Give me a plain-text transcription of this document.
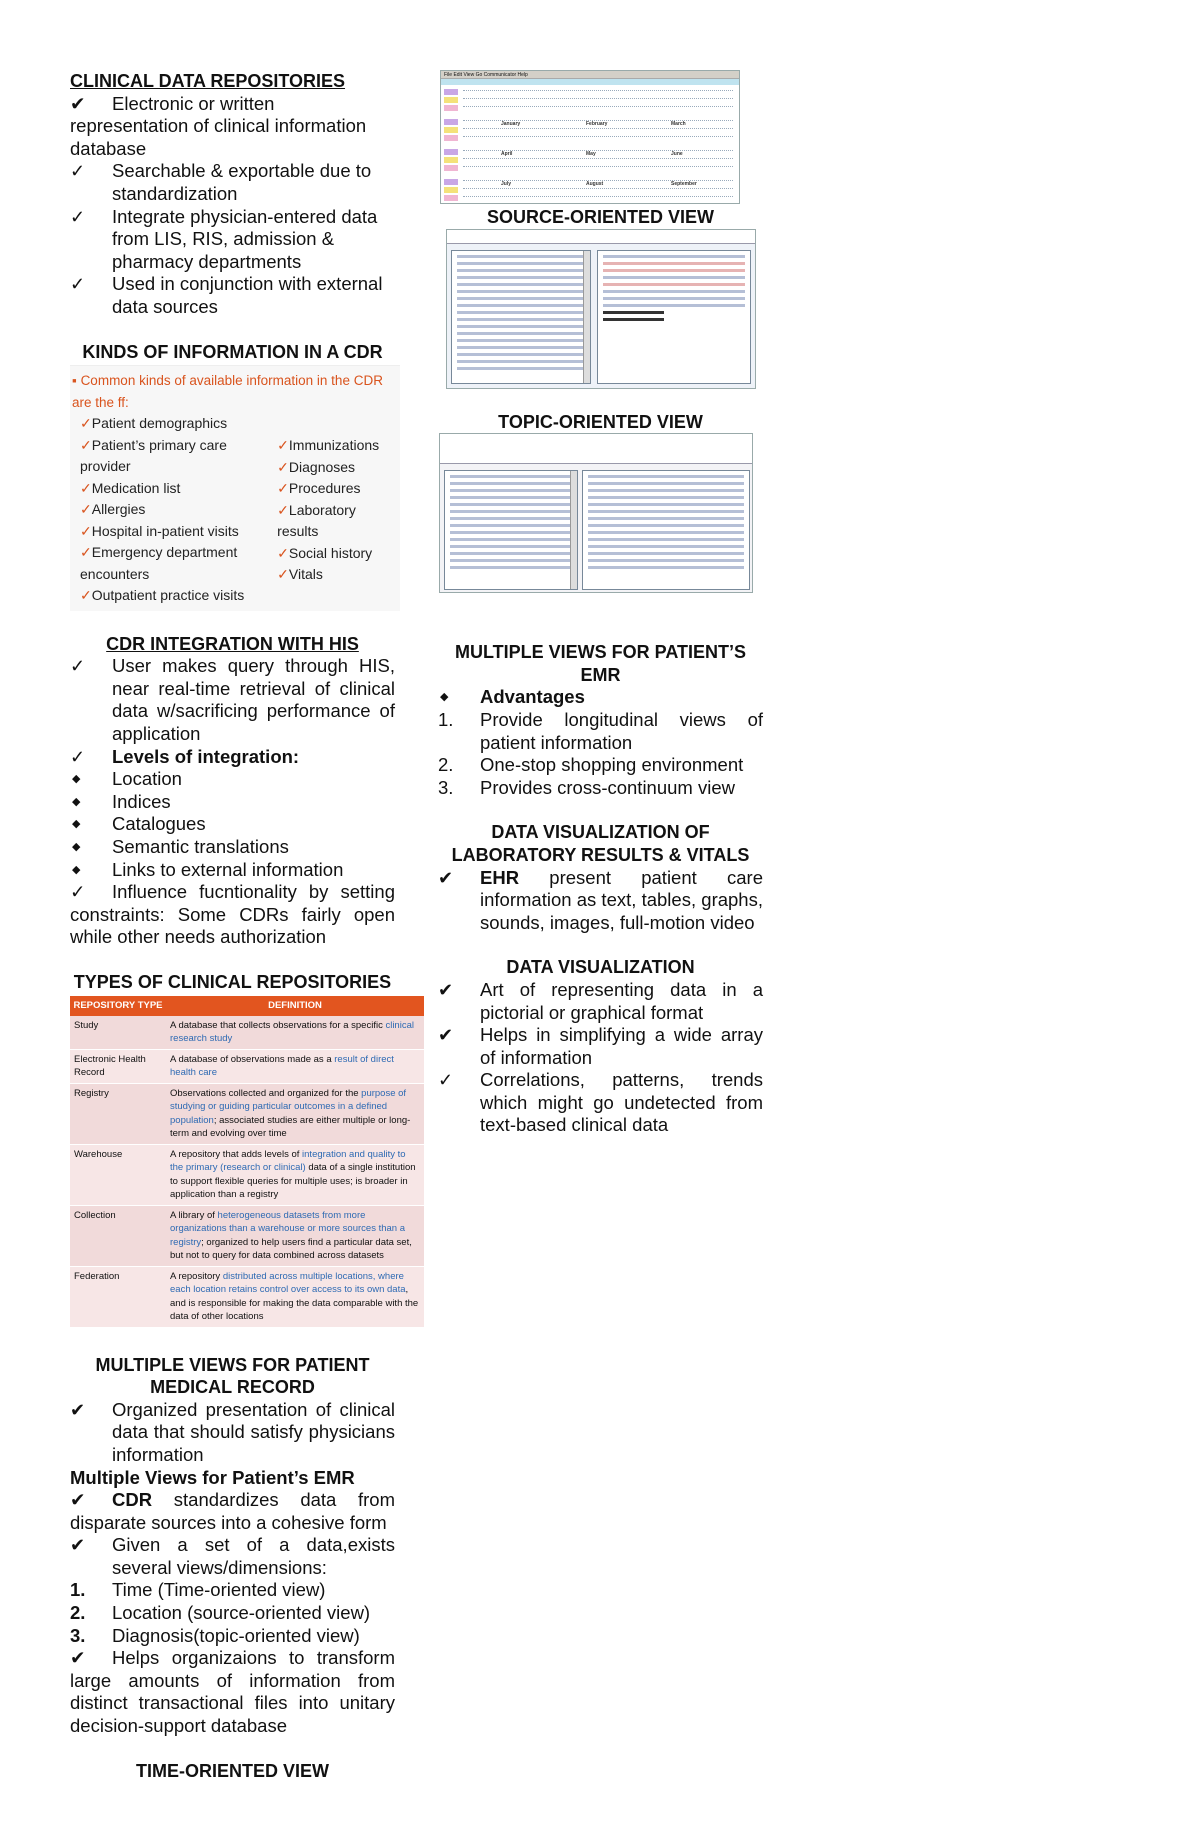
CLINICAL DATA REPOSITORIES
✔ Electronic or written representation of clinical information database
✓	Searchable & exportable due to standardization
✓	Integrate physician-entered data from LIS, RIS, admission & pharmacy departments
✓	Used in conjunction with external data sources
KINDS OF INFORMATION IN A CDR
▪ Common kinds of available information in the CDR are the ff:
✓Patient demographics
✓Patient’s primary care provider
✓Medication list
✓Allergies
✓Hospital in-patient visits
✓Emergency department encounters
✓Outpatient practice visits
✓Immunizations
✓Diagnoses
✓Procedures
✓Laboratory results
✓Social history
✓Vitals
CDR INTEGRATION WITH HIS
✓	User makes query through HIS, near real-time retrieval of clinical data w/sacrificing performance of application
✓	Levels of integration:
◆	Location
◆	Indices
◆	Catalogues
◆	Semantic translations
◆	Links to external information
✓ Influence fucntionality by setting constraints: Some CDRs fairly open while other needs authorization
TYPES OF CLINICAL REPOSITORIES
REPOSITORY TYPE	DEFINITION
Study	A database that collects observations for a specific clinical research study
Electronic Health Record	A database of observations made as a result of direct health care
Registry	Observations collected and organized for the purpose of studying or guiding particular outcomes in a defined population; associated studies are either multiple or long-term and evolving over time
Warehouse	A repository that adds levels of integration and quality to the primary (research or clinical) data of a single institution to support flexible queries for multiple uses; is broader in application than a registry
Collection	A library of heterogeneous datasets from more organizations than a warehouse or more sources than a registry; organized to help users find a particular data set, but not to query for data combined across datasets
Federation	A repository distributed across multiple locations, where each location retains control over access to its own data, and is responsible for making the data comparable with the data of other locations
MULTIPLE VIEWS FOR PATIENT MEDICAL RECORD
✔	Organized presentation of clinical data that should satisfy physicians information
Multiple Views for Patient’s EMR
✔ CDR standardizes data from disparate sources into a cohesive form
✔	Given a set of a data,exists several views/dimensions:
1.	Time (Time-oriented view)
2.	Location (source-oriented view)
3.	Diagnosis(topic-oriented view)
✔ Helps organizaions to transform large amounts of information from distinct transactional files into unitary decision-support database
TIME-ORIENTED VIEW
File Edit View Go Communicator Help
January	February	March
April	May	June
July	August	September
SOURCE-ORIENTED VIEW
TOPIC-ORIENTED VIEW
MULTIPLE VIEWS FOR PATIENT’S EMR
◆	Advantages
1.	Provide longitudinal views of patient information
2.	One-stop shopping environment
3.	Provides cross-continuum view
DATA VISUALIZATION OF LABORATORY RESULTS & VITALS
✔	EHR present patient care information as text, tables, graphs, sounds, images, full-motion video
DATA VISUALIZATION
✔	Art of representing data in a pictorial or graphical format
✔	Helps in simplifying a wide array of information
✓	Correlations, patterns, trends which might go undetected from text-based clinical data
